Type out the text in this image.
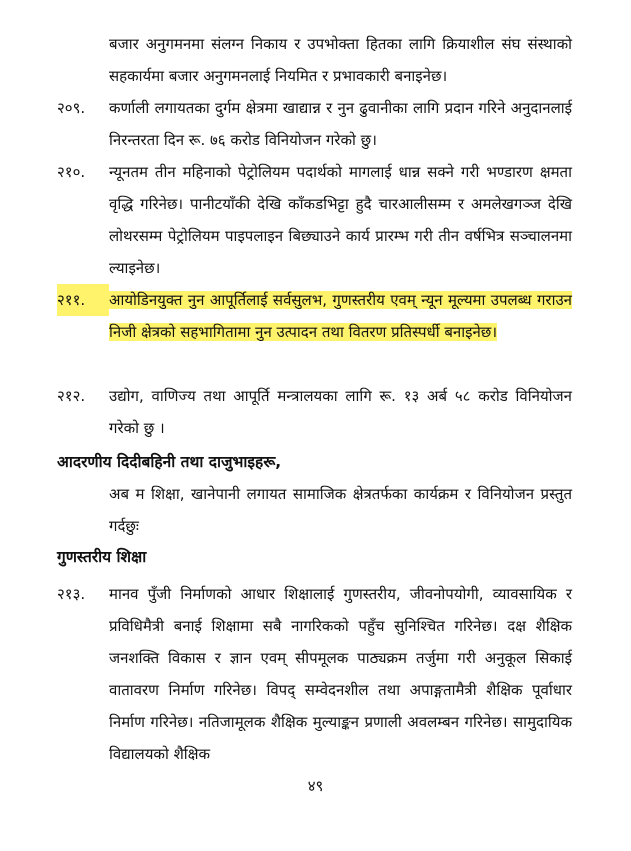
बजार अनुगमनमा संलग्न निकाय र उपभोक्ता हितका लागि क्रियाशील संघ संस्थाको सहकार्यमा बजार अनुगमनलाई नियमित र प्रभावकारी बनाइनेछ।
२०९.	कर्णाली लगायतका दुर्गम क्षेत्रमा खाद्यान्न र नुन ढुवानीका लागि प्रदान गरिने अनुदानलाई निरन्तरता दिन रू. ७६ करोड विनियोजन गरेको छु।
२१०.	न्यूनतम तीन महिनाको पेट्रोलियम पदार्थको मागलाई धान्न सक्ने गरी भण्डारण क्षमता वृद्धि गरिनेछ। पानीटयाँकी देखि काँकडभिट्टा हुदै चारआलीसम्म र अमलेखगञ्ज देखि लोथरसम्म पेट्रोलियम पाइपलाइन बिछ्याउने कार्य प्रारम्भ गरी तीन वर्षभित्र सञ्चालनमा ल्याइनेछ।
२११.	आयोडिनयुक्त नुन आपूर्तिलाई सर्वसुलभ, गुणस्तरीय एवम् न्यून मूल्यमा उपलब्ध गराउन निजी क्षेत्रको सहभागितामा नुन उत्पादन तथा वितरण प्रतिस्पर्धी बनाइनेछ।
२१२.	उद्योग, वाणिज्य तथा आपूर्ति मन्त्रालयका लागि रू. १३ अर्ब ५८ करोड विनियोजन गरेको छु ।
आदरणीय दिदीबहिनी तथा दाजुभाइहरू,
अब म शिक्षा, खानेपानी लगायत सामाजिक क्षेत्रतर्फका कार्यक्रम र विनियोजन प्रस्तुत गर्दछुः
गुणस्तरीय शिक्षा
२१३.	मानव पुँजी निर्माणको आधार शिक्षालाई गुणस्तरीय, जीवनोपयोगी, व्यावसायिक र प्रविधिमैत्री बनाई शिक्षामा सबै नागरिकको पहुँच सुनिश्चित गरिनेछ। दक्ष शैक्षिक जनशक्ति विकास र ज्ञान एवम् सीपमूलक पाठ्यक्रम तर्जुमा गरी अनुकूल सिकाई वातावरण निर्माण गरिनेछ। विपद् सम्वेदनशील तथा अपाङ्गतामैत्री शैक्षिक पूर्वाधार निर्माण गरिनेछ। नतिजामूलक शैक्षिक मुल्याङ्कन प्रणाली अवलम्बन गरिनेछ। सामुदायिक विद्यालयको शैक्षिक
४९
